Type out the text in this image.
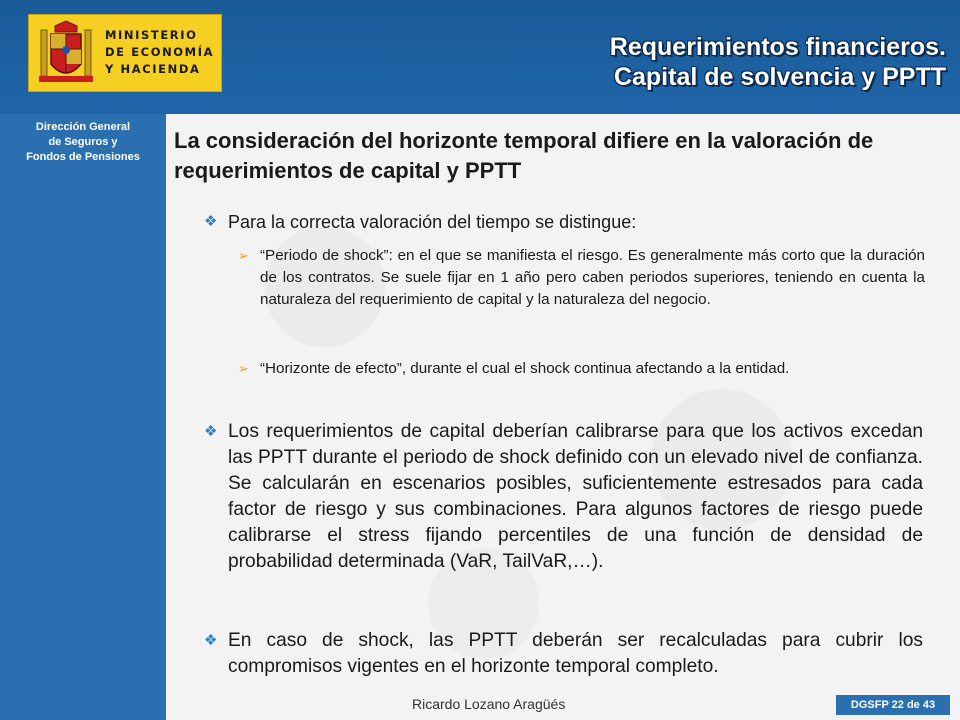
MINISTERIO
DE ECONOMÍA
Y HACIENDA
Requerimientos financieros.
Capital de solvencia y PPTT
Dirección General
de Seguros y
Fondos de Pensiones
La consideración del horizonte temporal difiere en la valoración de requerimientos de capital y PPTT
❖ Para la correcta valoración del tiempo se distingue:
➢ “Periodo de shock”: en el que se manifiesta el riesgo. Es generalmente más corto que la duración de los contratos. Se suele fijar en 1 año pero caben periodos superiores, teniendo en cuenta la naturaleza del requerimiento de capital y la naturaleza del negocio.
➢ “Horizonte de efecto”, durante el cual el shock continua afectando a la entidad.
❖ Los requerimientos de capital deberían calibrarse para que los activos excedan las PPTT durante el periodo de shock definido con un elevado nivel de confianza. Se calcularán en escenarios posibles, suficientemente estresados para cada factor de riesgo y sus combinaciones. Para algunos factores de riesgo puede calibrarse el stress fijando percentiles de una función de densidad de probabilidad determinada (VaR, TailVaR,…).
❖ En caso de shock, las PPTT deberán ser recalculadas para cubrir los compromisos vigentes en el horizonte temporal completo.
Ricardo Lozano Aragüés	DGSFP 22 de 43
